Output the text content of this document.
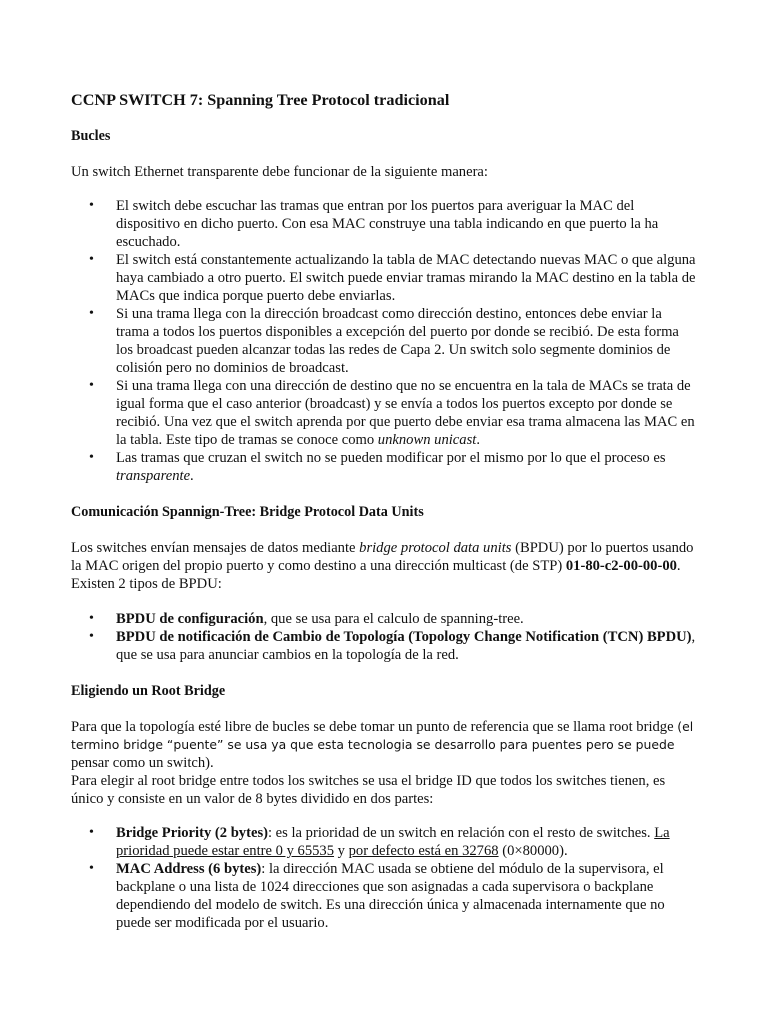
CCNP SWITCH 7: Spanning Tree Protocol tradicional
Bucles

Un switch Ethernet transparente debe funcionar de la siguiente manera:

• El switch debe escuchar las tramas que entran por los puertos para averiguar la MAC del dispositivo en dicho puerto. Con esa MAC construye una tabla indicando en que puerto la ha escuchado.
• El switch está constantemente actualizando la tabla de MAC detectando nuevas MAC o que alguna haya cambiado a otro puerto. El switch puede enviar tramas mirando la MAC destino en la tabla de MACs que indica porque puerto debe enviarlas.
• Si una trama llega con la dirección broadcast como dirección destino, entonces debe enviar la trama a todos los puertos disponibles a excepción del puerto por donde se recibió. De esta forma los broadcast pueden alcanzar todas las redes de Capa 2. Un switch solo segmente dominios de colisión pero no dominios de broadcast.
• Si una trama llega con una dirección de destino que no se encuentra en la tala de MACs se trata de igual forma que el caso anterior (broadcast) y se envía a todos los puertos excepto por donde se recibió. Una vez que el switch aprenda por que puerto debe enviar esa trama almacena las MAC en la tabla. Este tipo de tramas se conoce como unknown unicast.
• Las tramas que cruzan el switch no se pueden modificar por el mismo por lo que el proceso es transparente.
Comunicación Spannign-Tree: Bridge Protocol Data Units

Los switches envían mensajes de datos mediante bridge protocol data units (BPDU) por lo puertos usando la MAC origen del propio puerto y como destino a una dirección multicast (de STP) 01-80-c2-00-00-00. Existen 2 tipos de BPDU:

• BPDU de configuración, que se usa para el calculo de spanning-tree.
• BPDU de notificación de Cambio de Topología (Topology Change Notification (TCN) BPDU), que se usa para anunciar cambios en la topología de la red.
Eligiendo un Root Bridge

Para que la topología esté libre de bucles se debe tomar un punto de referencia que se llama root bridge (el termino bridge “puente” se usa ya que esta tecnologia se desarrollo para puentes pero se puede pensar como un switch).

Para elegir al root bridge entre todos los switches se usa el bridge ID que todos los switches tienen, es único y consiste en un valor de 8 bytes dividido en dos partes:

• Bridge Priority (2 bytes): es la prioridad de un switch en relación con el resto de switches. La prioridad puede estar entre 0 y 65535 y por defecto está en 32768 (0×80000).
• MAC Address (6 bytes): la dirección MAC usada se obtiene del módulo de la supervisora, el backplane o una lista de 1024 direcciones que son asignadas a cada supervisora o backplane dependiendo del modelo de switch. Es una dirección única y almacenada internamente que no puede ser modificada por el usuario.
